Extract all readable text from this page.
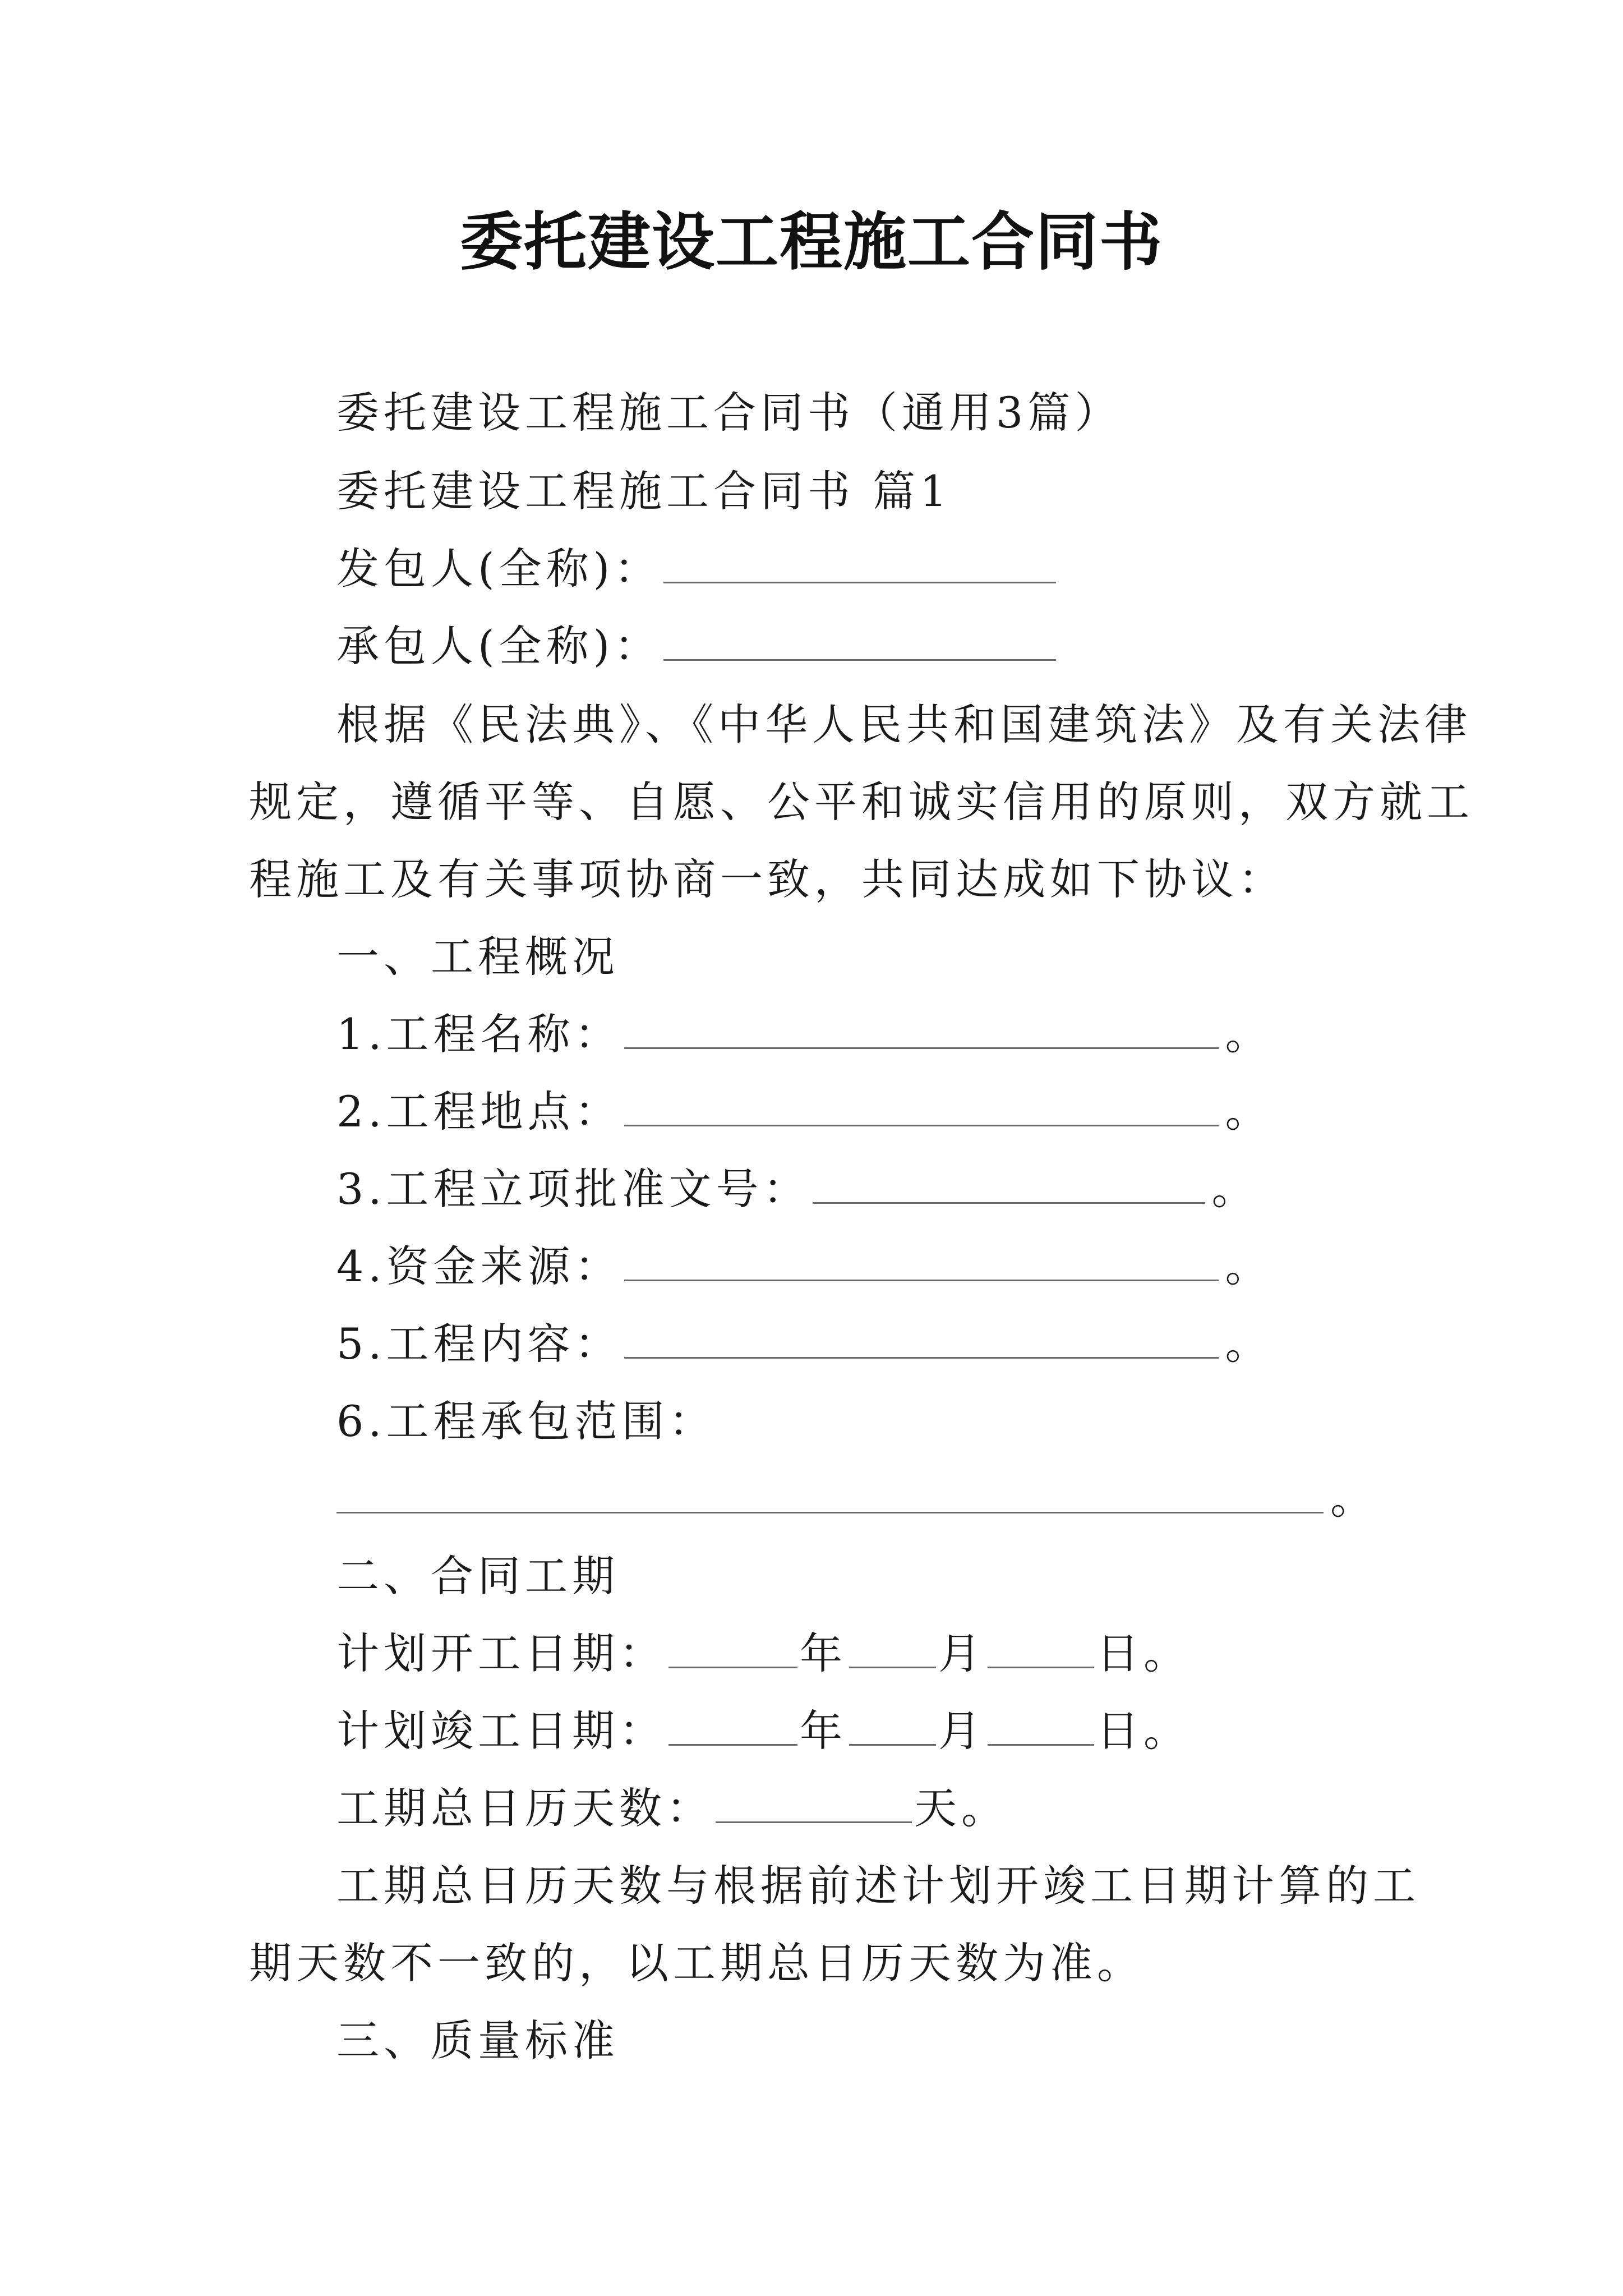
委托建设工程施工合同书
委托建设工程施工合同书（通用3篇）
委托建设工程施工合同书 篇1
发包人(全称)：
承包人(全称)：
根据《民法典》、《中华人民共和国建筑法》及有关法律
规定，遵循平等、自愿、公平和诚实信用的原则，双方就工
程施工及有关事项协商一致，共同达成如下协议：
一、工程概况
1.工程名称：	。
2.工程地点：	。
3.工程立项批准文号：	。
4.资金来源：	。
5.工程内容：	。
6.工程承包范围：
。
二、合同工期
计划开工日期：	年 月	日。
计划竣工日期：	年 月	日。
工期总日历天数：	天。
工期总日历天数与根据前述计划开竣工日期计算的工
期天数不一致的，以工期总日历天数为准。
三、质量标准
